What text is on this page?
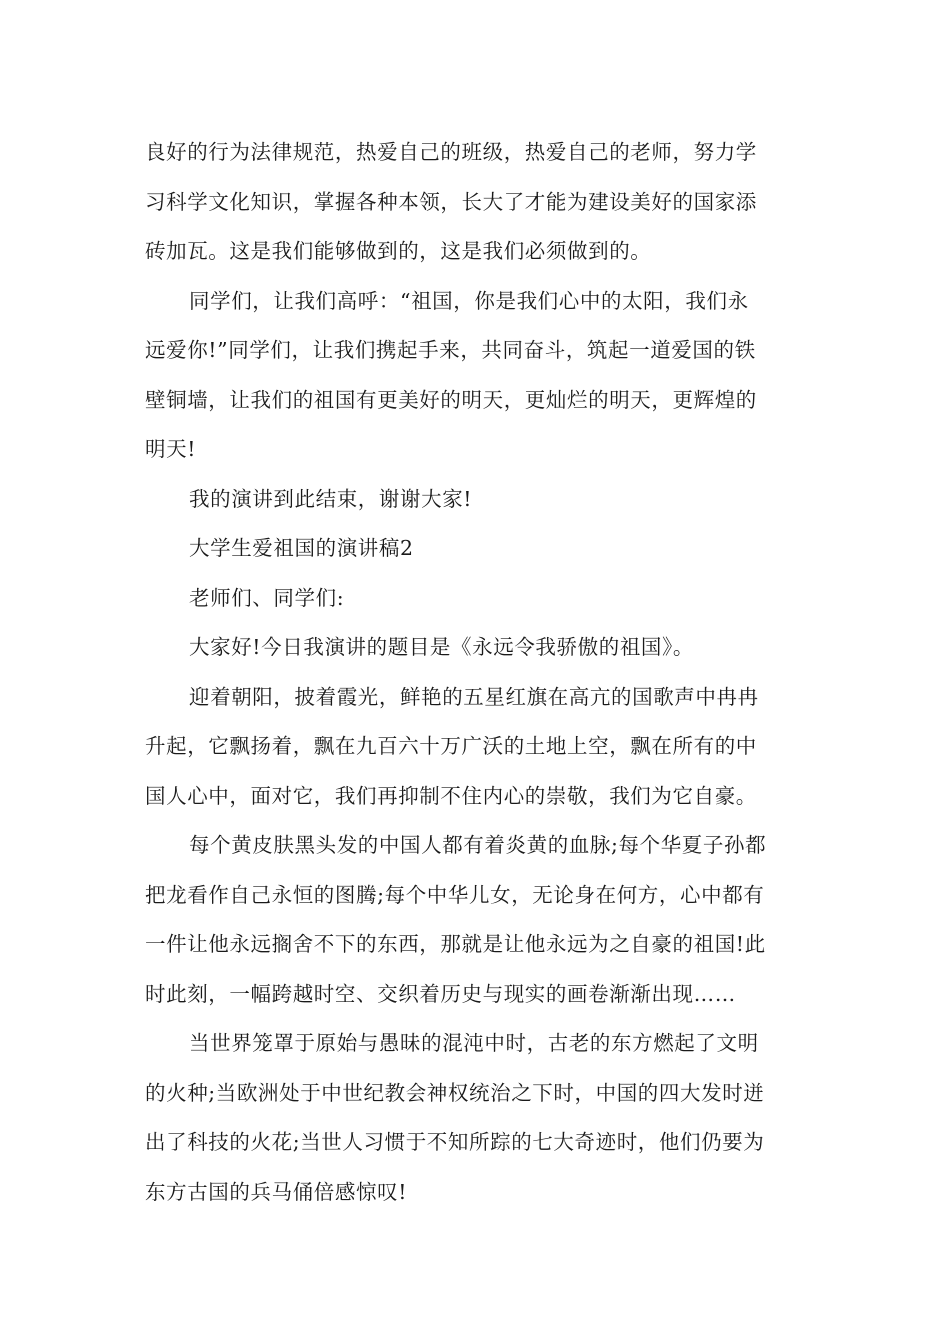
良好的行为法律规范，热爱自己的班级，热爱自己的老师，努力学
习科学文化知识，掌握各种本领，长大了才能为建设美好的国家添
砖加瓦。这是我们能够做到的，这是我们必须做到的。

同学们，让我们高呼：“祖国，你是我们心中的太阳，我们永
远爱你!”同学们，让我们携起手来，共同奋斗，筑起一道爱国的铁
壁铜墙，让我们的祖国有更美好的明天，更灿烂的明天，更辉煌的
明天!

我的演讲到此结束，谢谢大家!

大学生爱祖国的演讲稿2

老师们、同学们:

大家好!今日我演讲的题目是《永远令我骄傲的祖国》。

迎着朝阳，披着霞光，鲜艳的五星红旗在高亢的国歌声中冉冉
升起，它飘扬着，飘在九百六十万广沃的土地上空，飘在所有的中
国人心中，面对它，我们再抑制不住内心的崇敬，我们为它自豪。

每个黄皮肤黑头发的中国人都有着炎黄的血脉;每个华夏子孙都
把龙看作自己永恒的图腾;每个中华儿女，无论身在何方，心中都有
一件让他永远搁舍不下的东西，那就是让他永远为之自豪的祖国!此
时此刻，一幅跨越时空、交织着历史与现实的画卷渐渐出现……

当世界笼罩于原始与愚昧的混沌中时，古老的东方燃起了文明
的火种;当欧洲处于中世纪教会神权统治之下时，中国的四大发时迸
出了科技的火花;当世人习惯于不知所踪的七大奇迹时，他们仍要为
东方古国的兵马俑倍感惊叹!
